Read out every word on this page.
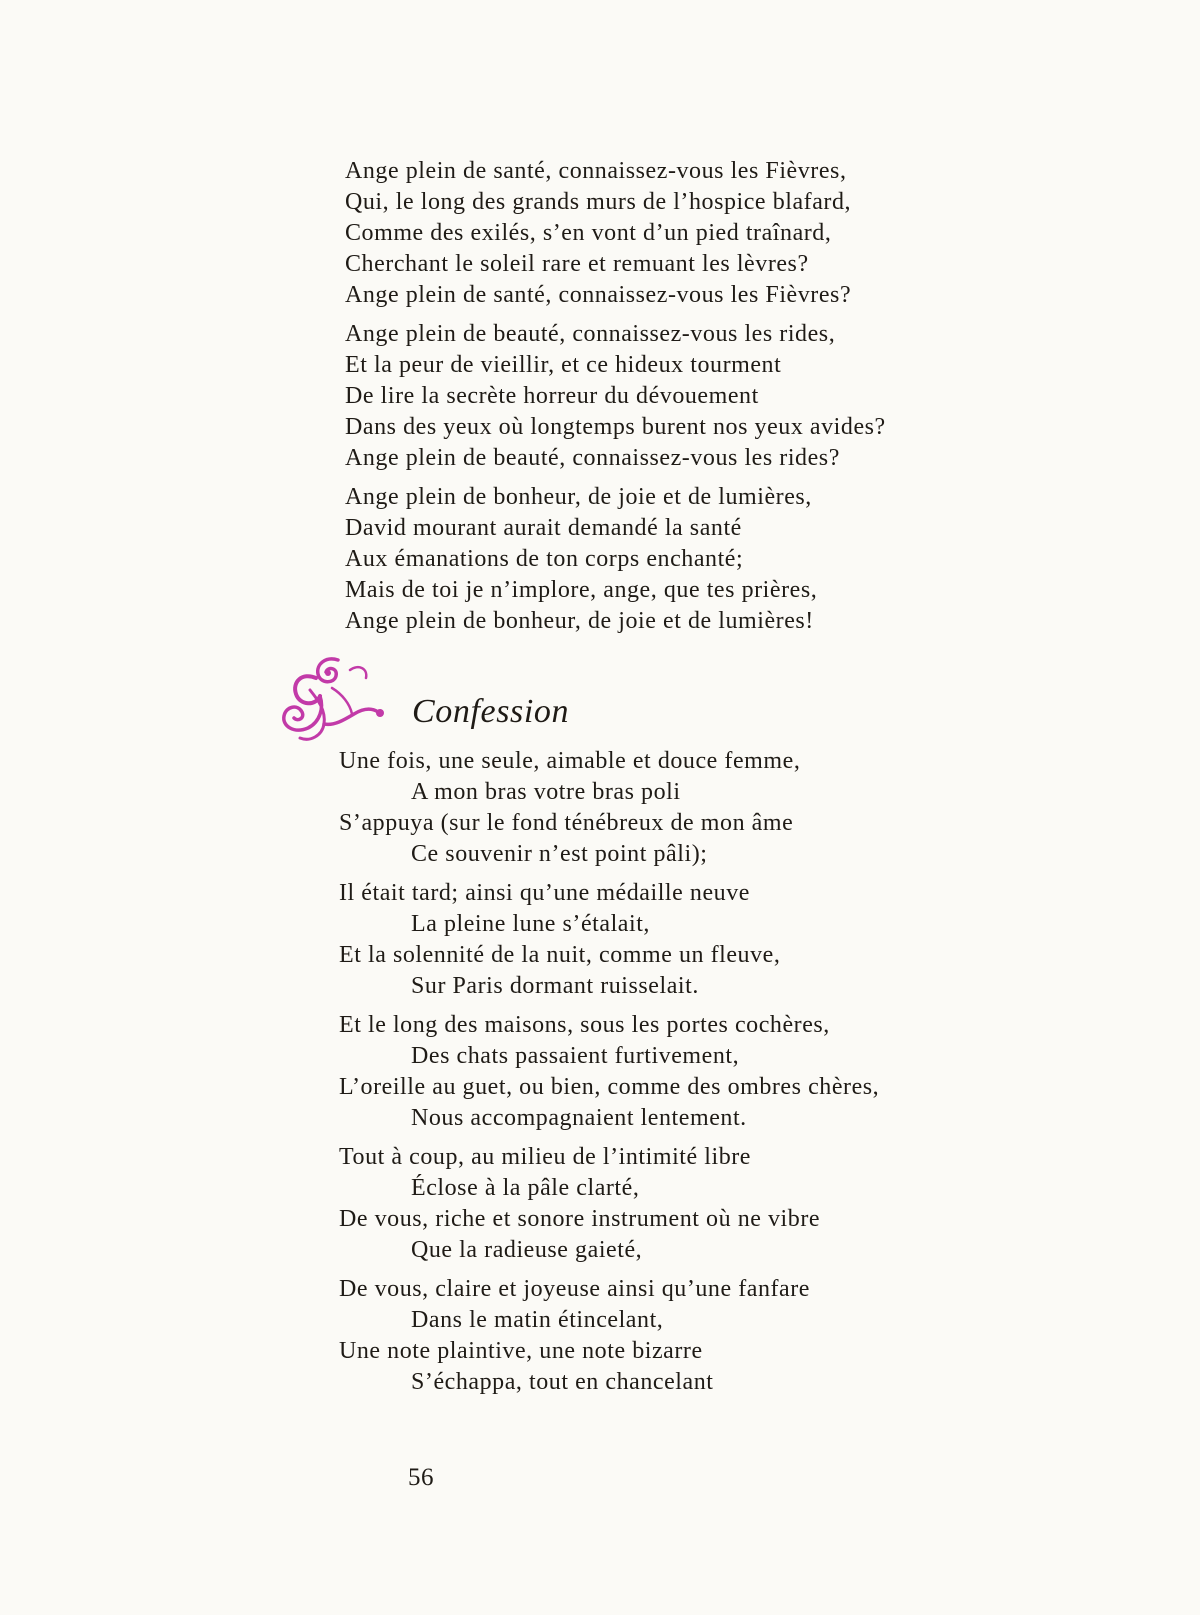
Ange plein de santé, connaissez-vous les Fièvres,
Qui, le long des grands murs de l’hospice blafard,
Comme des exilés, s’en vont d’un pied traînard,
Cherchant le soleil rare et remuant les lèvres?
Ange plein de santé, connaissez-vous les Fièvres?
Ange plein de beauté, connaissez-vous les rides,
Et la peur de vieillir, et ce hideux tourment
De lire la secrète horreur du dévouement
Dans des yeux où longtemps burent nos yeux avides?
Ange plein de beauté, connaissez-vous les rides?
Ange plein de bonheur, de joie et de lumières,
David mourant aurait demandé la santé
Aux émanations de ton corps enchanté;
Mais de toi je n’implore, ange, que tes prières,
Ange plein de bonheur, de joie et de lumières!
Confession
Une fois, une seule, aimable et douce femme,
A mon bras votre bras poli
S’appuya (sur le fond ténébreux de mon âme
Ce souvenir n’est point pâli);
Il était tard; ainsi qu’une médaille neuve
La pleine lune s’étalait,
Et la solennité de la nuit, comme un fleuve,
Sur Paris dormant ruisselait.
Et le long des maisons, sous les portes cochères,
Des chats passaient furtivement,
L’oreille au guet, ou bien, comme des ombres chères,
Nous accompagnaient lentement.
Tout à coup, au milieu de l’intimité libre
Éclose à la pâle clarté,
De vous, riche et sonore instrument où ne vibre
Que la radieuse gaieté,
De vous, claire et joyeuse ainsi qu’une fanfare
Dans le matin étincelant,
Une note plaintive, une note bizarre
S’échappa, tout en chancelant
56
